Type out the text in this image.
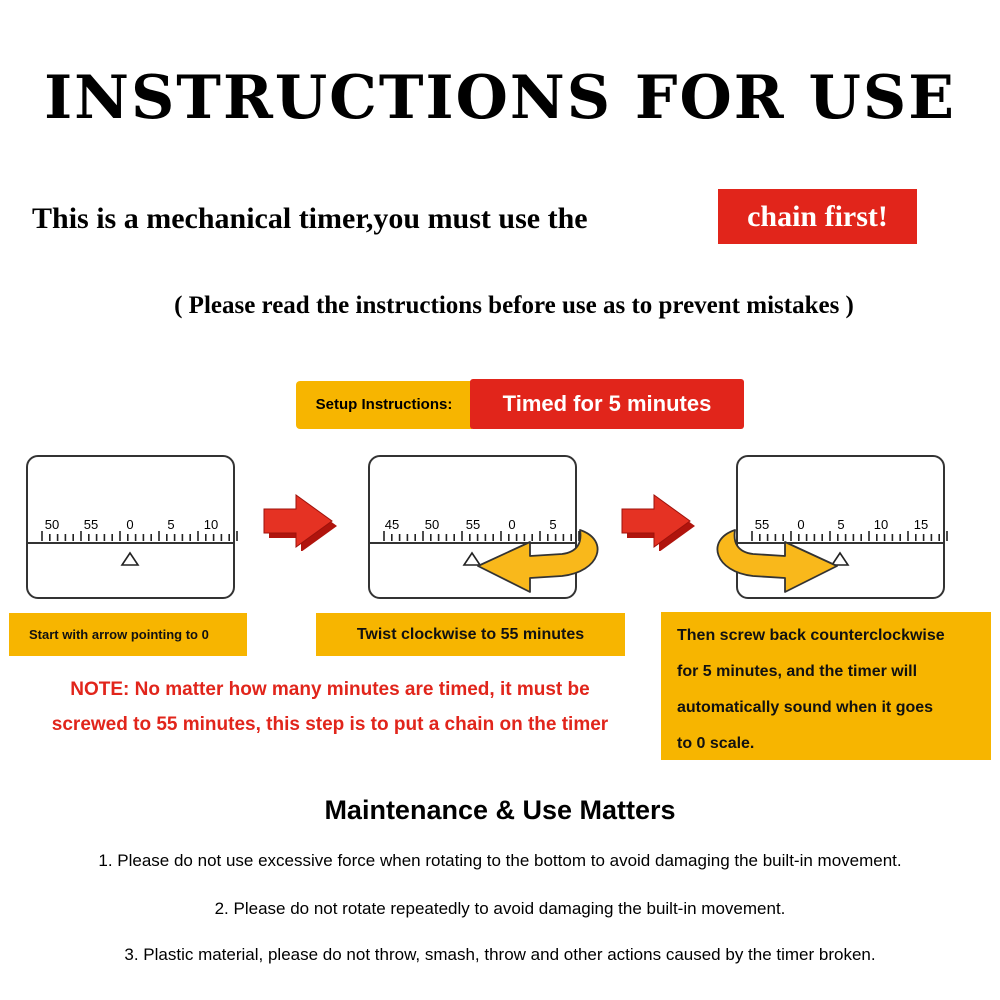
INSTRUCTIONS FOR USE
This is a mechanical timer,you must use the	chain first!
( Please read the instructions before use as to prevent mistakes )
Setup Instructions:	Timed for 5 minutes
50 55 0	5 10	45 50 55 0	5	55 0	5 10 15
Start with arrow pointing to 0	Twist clockwise to 55 minutes	Then screw back counterclockwise
for 5 minutes, and the timer will
automatically sound when it goes
to 0 scale.
NOTE: No matter how many minutes are timed, it must be
screwed to 55 minutes, this step is to put a chain on the timer
Maintenance & Use Matters
1. Please do not use excessive force when rotating to the bottom to avoid damaging the built-in movement.
2. Please do not rotate repeatedly to avoid damaging the built-in movement.
3. Plastic material, please do not throw, smash, throw and other actions caused by the timer broken.
